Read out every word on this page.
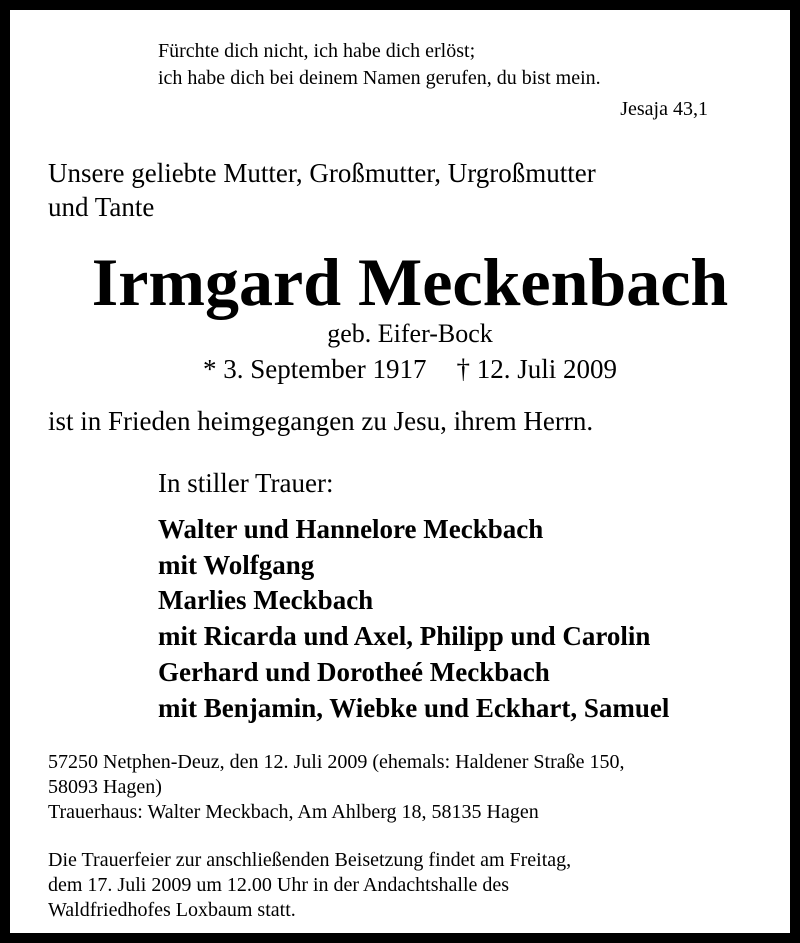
Fürchte dich nicht, ich habe dich erlöst;
ich habe dich bei deinem Namen gerufen, du bist mein.
Jesaja 43,1
Unsere geliebte Mutter, Großmutter, Urgroßmutter
und Tante
Irmgard Meckenbach
geb. Eifer-Bock
* 3. September 1917 † 12. Juli 2009
ist in Frieden heimgegangen zu Jesu, ihrem Herrn.
In stiller Trauer:
Walter und Hannelore Meckbach
mit Wolfgang
Marlies Meckbach
mit Ricarda und Axel, Philipp und Carolin
Gerhard und Dorotheé Meckbach
mit Benjamin, Wiebke und Eckhart, Samuel
57250 Netphen-Deuz, den 12. Juli 2009 (ehemals: Haldener Straße 150,
58093 Hagen)
Trauerhaus: Walter Meckbach, Am Ahlberg 18, 58135 Hagen
Die Trauerfeier zur anschließenden Beisetzung findet am Freitag,
dem 17. Juli 2009 um 12.00 Uhr in der Andachtshalle des
Waldfriedhofes Loxbaum statt.
